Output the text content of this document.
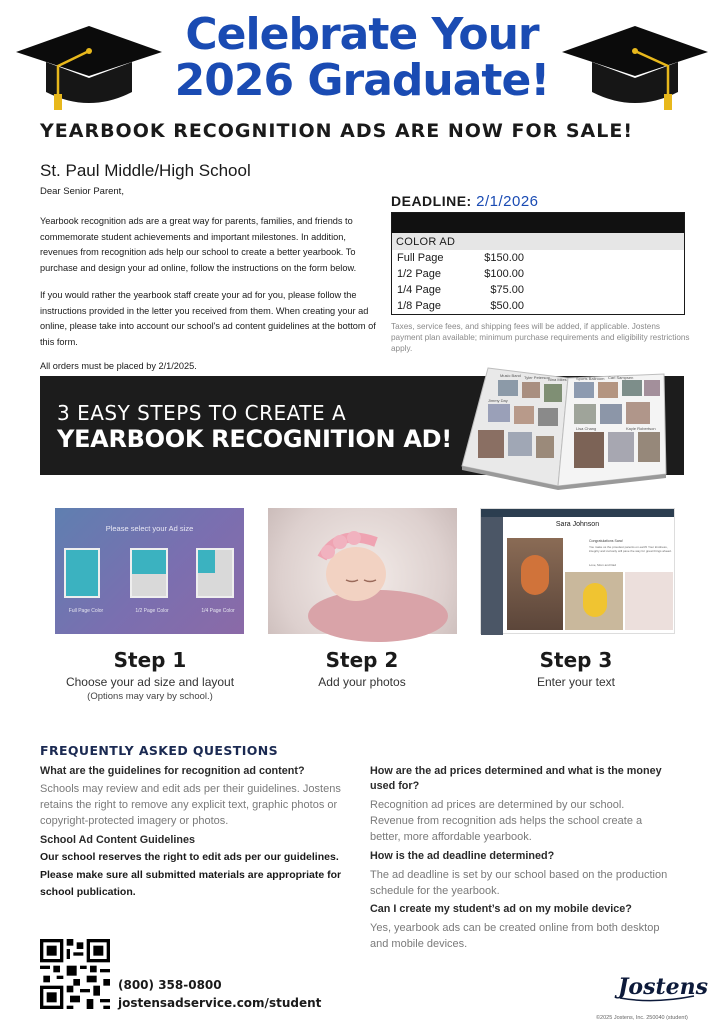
Celebrate Your
2026 Graduate!
YEARBOOK RECOGNITION ADS ARE NOW FOR SALE!
St. Paul Middle/High School
Dear Senior Parent,
Yearbook recognition ads are a great way for parents, families, and friends to commemorate student achievements and important milestones. In addition, revenues from recognition ads help our school to create a better yearbook. To purchase and design your ad online, follow the instructions on the form below.
If you would rather the yearbook staff create your ad for you, please follow the instructions provided in the letter you received from them. When creating your ad online, please take into account our school's ad content guidelines at the bottom of this form.
All orders must be placed by 2/1/2025.
DEADLINE: 2/1/2026
COLOR AD
Full Page	$150.00
1/2 Page	$100.00
1/4 Page	$75.00
1/8 Page	$50.00
Taxes, service fees, and shipping fees will be added, if applicable. Jostens payment plan available; minimum purchase requirements and eligibility restrictions apply.
3 EASY STEPS TO CREATE A
YEARBOOK RECOGNITION AD!
Music Band Tyler Peterson
Nina Miles
Jimmy Day
Sports Ballroom Carl Sampsen
Lisa Chang	Kayle Robertson
Please select your Ad size
Full Page Color	1/2 Page Color	1/4 Page Color
Sara Johnson
Congratulations Sara!
You make us the proudest parents on earth! Your kindness, integrity and curiosity will pave the way for great things ahead.
Love, Mom and Dad
Step 1
Choose your ad size and layout
(Options may vary by school.)
Step 2
Add your photos
Step 3
Enter your text
FREQUENTLY ASKED QUESTIONS
What are the guidelines for recognition ad content?
Schools may review and edit ads per their guidelines. Jostens retains the right to remove any explicit text, graphic photos or copyright-protected imagery or photos.
School Ad Content Guidelines
Our school reserves the right to edit ads per our guidelines. Please make sure all submitted materials are appropriate for school publication.
How are the ad prices determined and what is the money used for?
Recognition ad prices are determined by our school. Revenue from recognition ads helps the school create a better, more affordable yearbook.
How is the ad deadline determined?
The ad deadline is set by our school based on the production schedule for the yearbook.
Can I create my student’s ad on my mobile device?
Yes, yearbook ads can be created online from both desktop and mobile devices.
(800) 358-0800
jostensadservice.com/student
Jostens
©2025 Jostens, Inc. 250040 (student)
